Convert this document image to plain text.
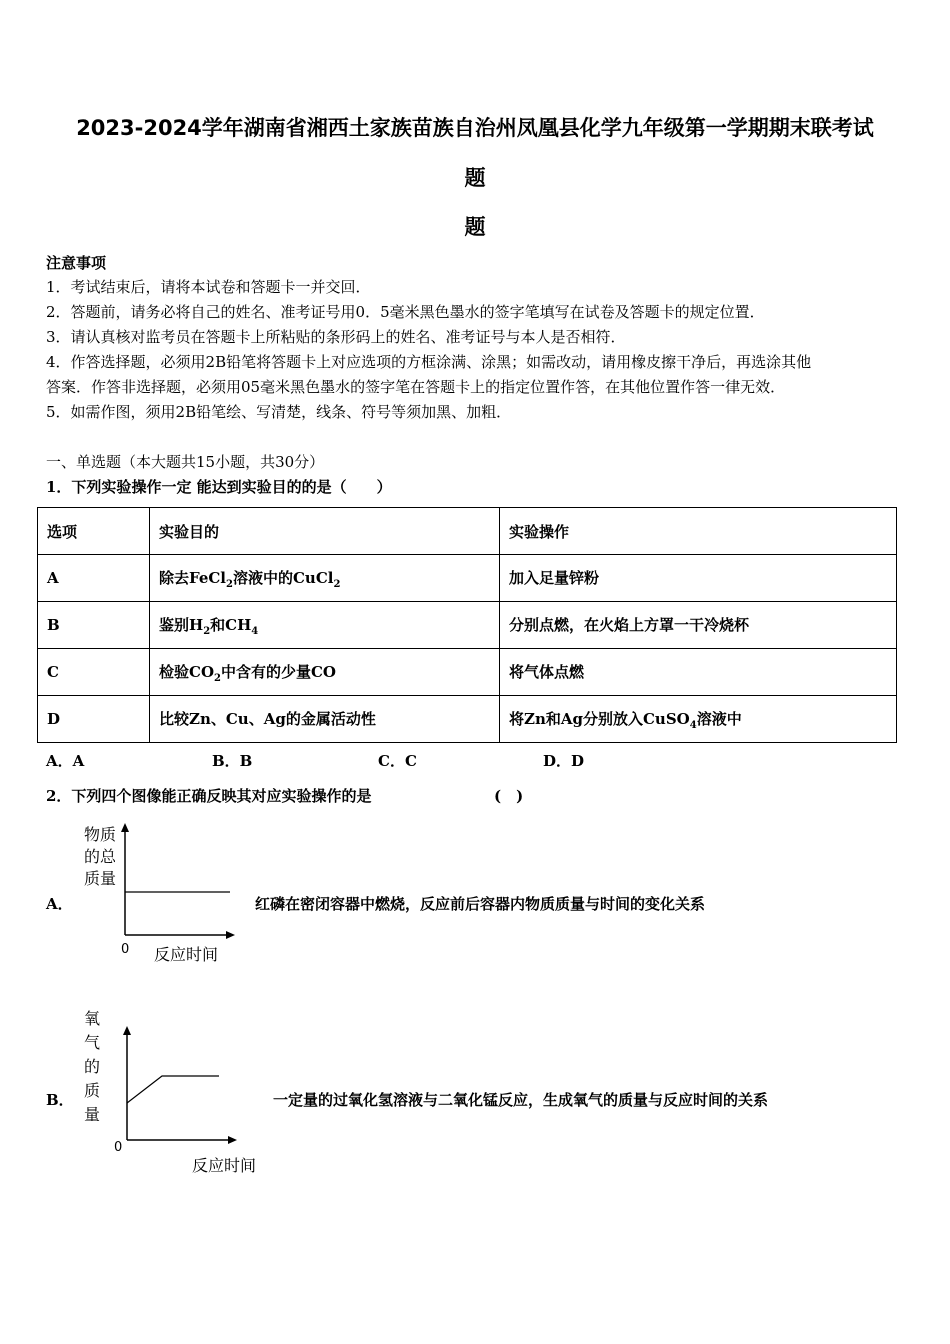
2023-2024学年湖南省湘西土家族苗族自治州凤凰县化学九年级第一学期期末联考试
题
题
注意事项
1．考试结束后，请将本试卷和答题卡一并交回．
2．答题前，请务必将自己的姓名、准考证号用0．5毫米黑色墨水的签字笔填写在试卷及答题卡的规定位置．
3．请认真核对监考员在答题卡上所粘贴的条形码上的姓名、准考证号与本人是否相符．
4．作答选择题，必须用2B铅笔将答题卡上对应选项的方框涂满、涂黑；如需改动，请用橡皮擦干净后，再选涂其他
答案．作答非选择题，必须用05毫米黑色墨水的签字笔在答题卡上的指定位置作答，在其他位置作答一律无效．
5．如需作图，须用2B铅笔绘、写清楚，线条、符号等须加黑、加粗．
一、单选题（本大题共15小题，共30分）
1．下列实验操作一定 能达到实验目的的是（　　）
选项	实验目的	实验操作
A	除去FeCl$_2$溶液中的CuCl$_2$	加入足量锌粉
B	鉴别$H_2$和$CH_4$	分别点燃，在火焰上方罩一干冷烧杯
C	检验$CO_2$中含有的少量CO	将气体点燃
D	比较Zn、Cu、Ag的金属活动性	将Zn和Ag分别放入CuSO$_4$溶液中
A．A	B．B	C．C	D．D
2．下列四个图像能正确反映其对应实验操作的是	(　)
A．
物质
的总
质量
0 反应时间
红磷在密闭容器中燃烧，反应前后容器内物质质量与时间的变化关系
B．
氧
气
的
质
量
0
反应时间
一定量的过氧化氢溶液与二氧化锰反应，生成氧气的质量与反应时间的关系
